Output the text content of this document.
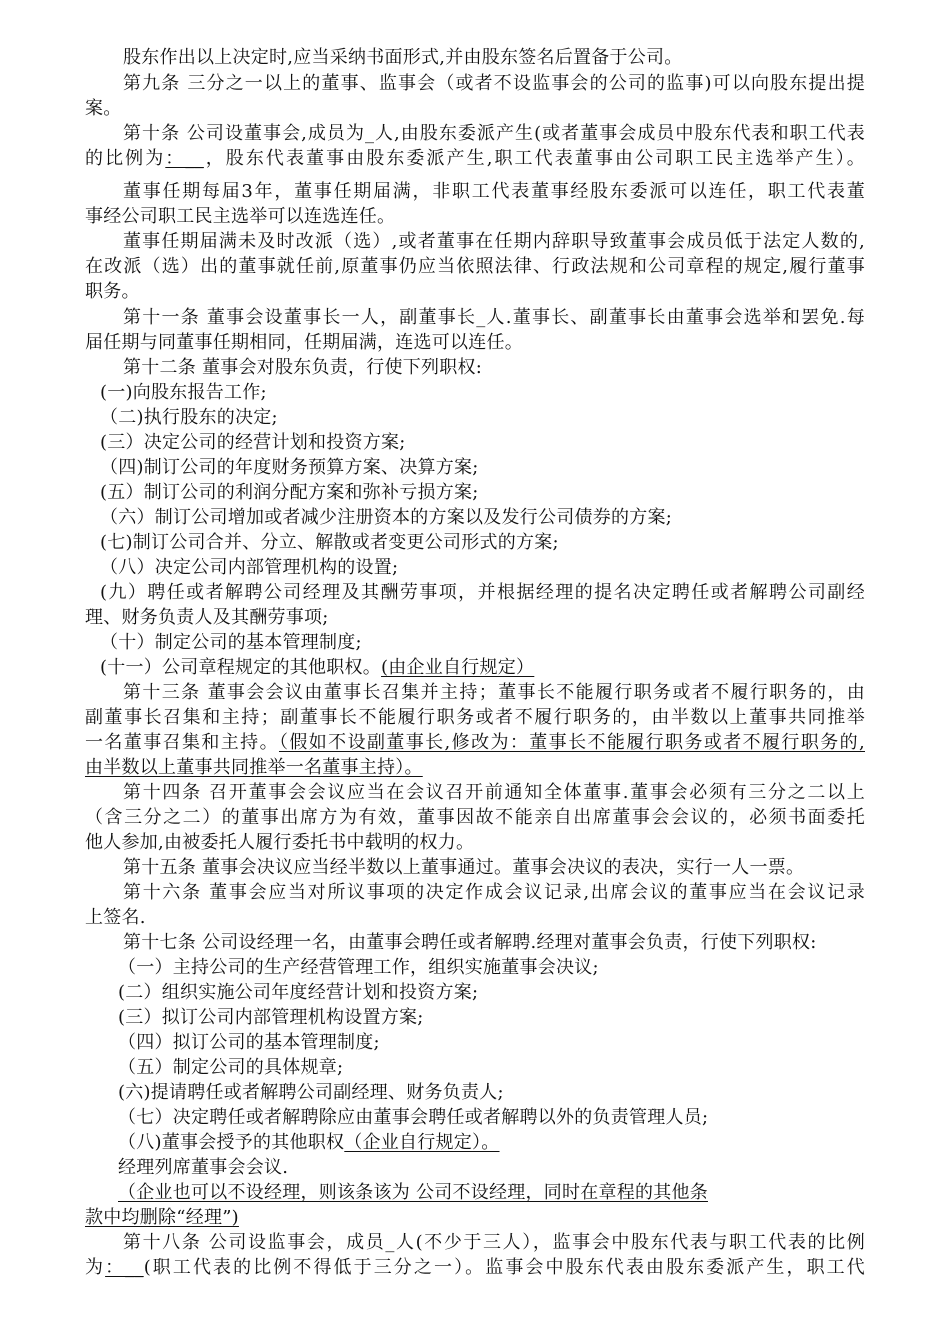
股东作出以上决定时,应当采纳书面形式,并由股东签名后置备于公司。
第九条 三分之一以上的董事、监事会（或者不设监事会的公司的监事)可以向股东提出提
案。
第十条 公司设董事会,成员为_人,由股东委派产生(或者董事会成员中股东代表和职工代表
的比例为：__，股东代表董事由股东委派产生,职工代表董事由公司职工民主选举产生）。
董事任期每届3年，董事任期届满，非职工代表董事经股东委派可以连任，职工代表董
事经公司职工民主选举可以连选连任。
董事任期届满未及时改派（选）,或者董事在任期内辞职导致董事会成员低于法定人数的,
在改派（选）出的董事就任前,原董事仍应当依照法律、行政法规和公司章程的规定,履行董事
职务。
第十一条 董事会设董事长一人，副董事长_人.董事长、副董事长由董事会选举和罢免.每
届任期与同董事任期相同，任期届满，连选可以连任。
第十二条 董事会对股东负责，行使下列职权:
(一)向股东报告工作;
（二)执行股东的决定;
(三）决定公司的经营计划和投资方案;
（四)制订公司的年度财务预算方案、决算方案;
(五）制订公司的利润分配方案和弥补亏损方案;
（六）制订公司增加或者减少注册资本的方案以及发行公司债券的方案;
(七)制订公司合并、分立、解散或者变更公司形式的方案;
（八）决定公司内部管理机构的设置;
(九）聘任或者解聘公司经理及其酬劳事项，并根据经理的提名决定聘任或者解聘公司副经
理、财务负责人及其酬劳事项;
（十）制定公司的基本管理制度;
(十一）公司章程规定的其他职权。(由企业自行规定）
第十三条 董事会会议由董事长召集并主持；董事长不能履行职务或者不履行职务的，由
副董事长召集和主持；副董事长不能履行职务或者不履行职务的，由半数以上董事共同推举
一名董事召集和主持。（假如不设副董事长,修改为：董事长不能履行职务或者不履行职务的,
由半数以上董事共同推举一名董事主持）。
第十四条 召开董事会会议应当在会议召开前通知全体董事.董事会必须有三分之二以上
（含三分之二）的董事出席方为有效，董事因故不能亲自出席董事会会议的，必须书面委托
他人参加,由被委托人履行委托书中载明的权力。
第十五条 董事会决议应当经半数以上董事通过。董事会决议的表决，实行一人一票。
第十六条 董事会应当对所议事项的决定作成会议记录,出席会议的董事应当在会议记录
上签名.
第十七条 公司设经理一名，由董事会聘任或者解聘.经理对董事会负责，行使下列职权:
（一）主持公司的生产经营管理工作，组织实施董事会决议;
(二）组织实施公司年度经营计划和投资方案;
(三）拟订公司内部管理机构设置方案;
（四）拟订公司的基本管理制度;
（五）制定公司的具体规章;
(六)提请聘任或者解聘公司副经理、财务负责人;
（七）决定聘任或者解聘除应由董事会聘任或者解聘以外的负责管理人员;
（八)董事会授予的其他职权（企业自行规定）。
经理列席董事会会议.
（企业也可以不设经理，则该条该为 公司不设经理，同时在章程的其他条
款中均删除“经理”)
第十八条 公司设监事会，成员_人(不少于三人），监事会中股东代表与职工代表的比例
为：__(职工代表的比例不得低于三分之一）。监事会中股东代表由股东委派产生，职工代
